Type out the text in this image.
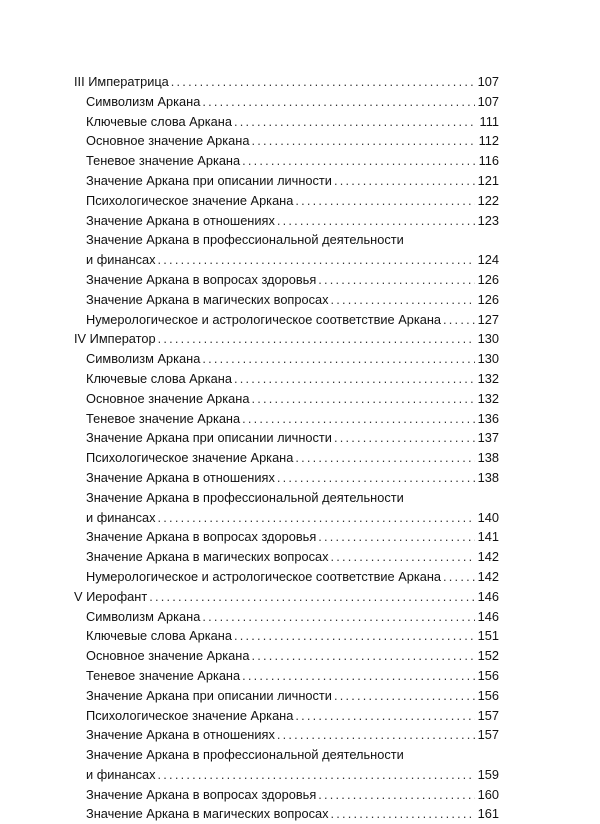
III Императрица .....	107
Символизм Аркана .....	107
Ключевые слова Аркана .....	111
Основное значение Аркана .....	112
Теневое значение Аркана .....	116
Значение Аркана при описании личности .....	121
Психологическое значение Аркана .....	122
Значение Аркана в отношениях .....	123
Значение Аркана в профессиональной деятельности
и финансах .....	124
Значение Аркана в вопросах здоровья .....	126
Значение Аркана в магических вопросах .....	126
Нумерологическое и астрологическое соответствие Аркана .....	127
IV Император .....	130
Символизм Аркана .....	130
Ключевые слова Аркана .....	132
Основное значение Аркана .....	132
Теневое значение Аркана .....	136
Значение Аркана при описании личности .....	137
Психологическое значение Аркана .....	138
Значение Аркана в отношениях .....	138
Значение Аркана в профессиональной деятельности
и финансах .....	140
Значение Аркана в вопросах здоровья .....	141
Значение Аркана в магических вопросах .....	142
Нумерологическое и астрологическое соответствие Аркана .....	142
V Иерофант .....	146
Символизм Аркана .....	146
Ключевые слова Аркана .....	151
Основное значение Аркана .....	152
Теневое значение Аркана .....	156
Значение Аркана при описании личности .....	156
Психологическое значение Аркана .....	157
Значение Аркана в отношениях .....	157
Значение Аркана в профессиональной деятельности
и финансах .....	159
Значение Аркана в вопросах здоровья .....	160
Значение Аркана в магических вопросах .....	161
